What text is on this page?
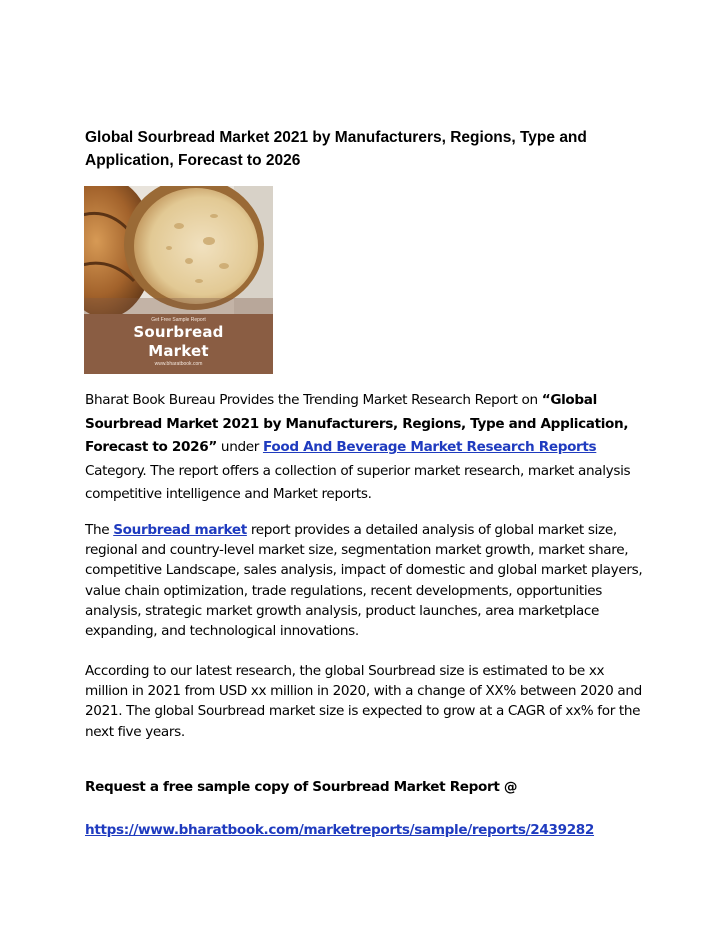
Global Sourbread Market 2021 by Manufacturers, Regions, Type and Application, Forecast to 2026
Get Free Sample Report
Sourbread
Market
www.bharatbook.com

Bharat Book Bureau Provides the Trending Market Research Report on “Global Sourbread Market 2021 by Manufacturers, Regions, Type and Application, Forecast to 2026” under Food And Beverage Market Research Reports Category. The report offers a collection of superior market research, market analysis competitive intelligence and Market reports.

The Sourbread market report provides a detailed analysis of global market size, regional and country-level market size, segmentation market growth, market share, competitive Landscape, sales analysis, impact of domestic and global market players, value chain optimization, trade regulations, recent developments, opportunities analysis, strategic market growth analysis, product launches, area marketplace expanding, and technological innovations.

According to our latest research, the global Sourbread size is estimated to be xx million in 2021 from USD xx million in 2020, with a change of XX% between 2020 and 2021. The global Sourbread market size is expected to grow at a CAGR of xx% for the next five years.

Request a free sample copy of Sourbread Market Report @

https://www.bharatbook.com/marketreports/sample/reports/2439282
